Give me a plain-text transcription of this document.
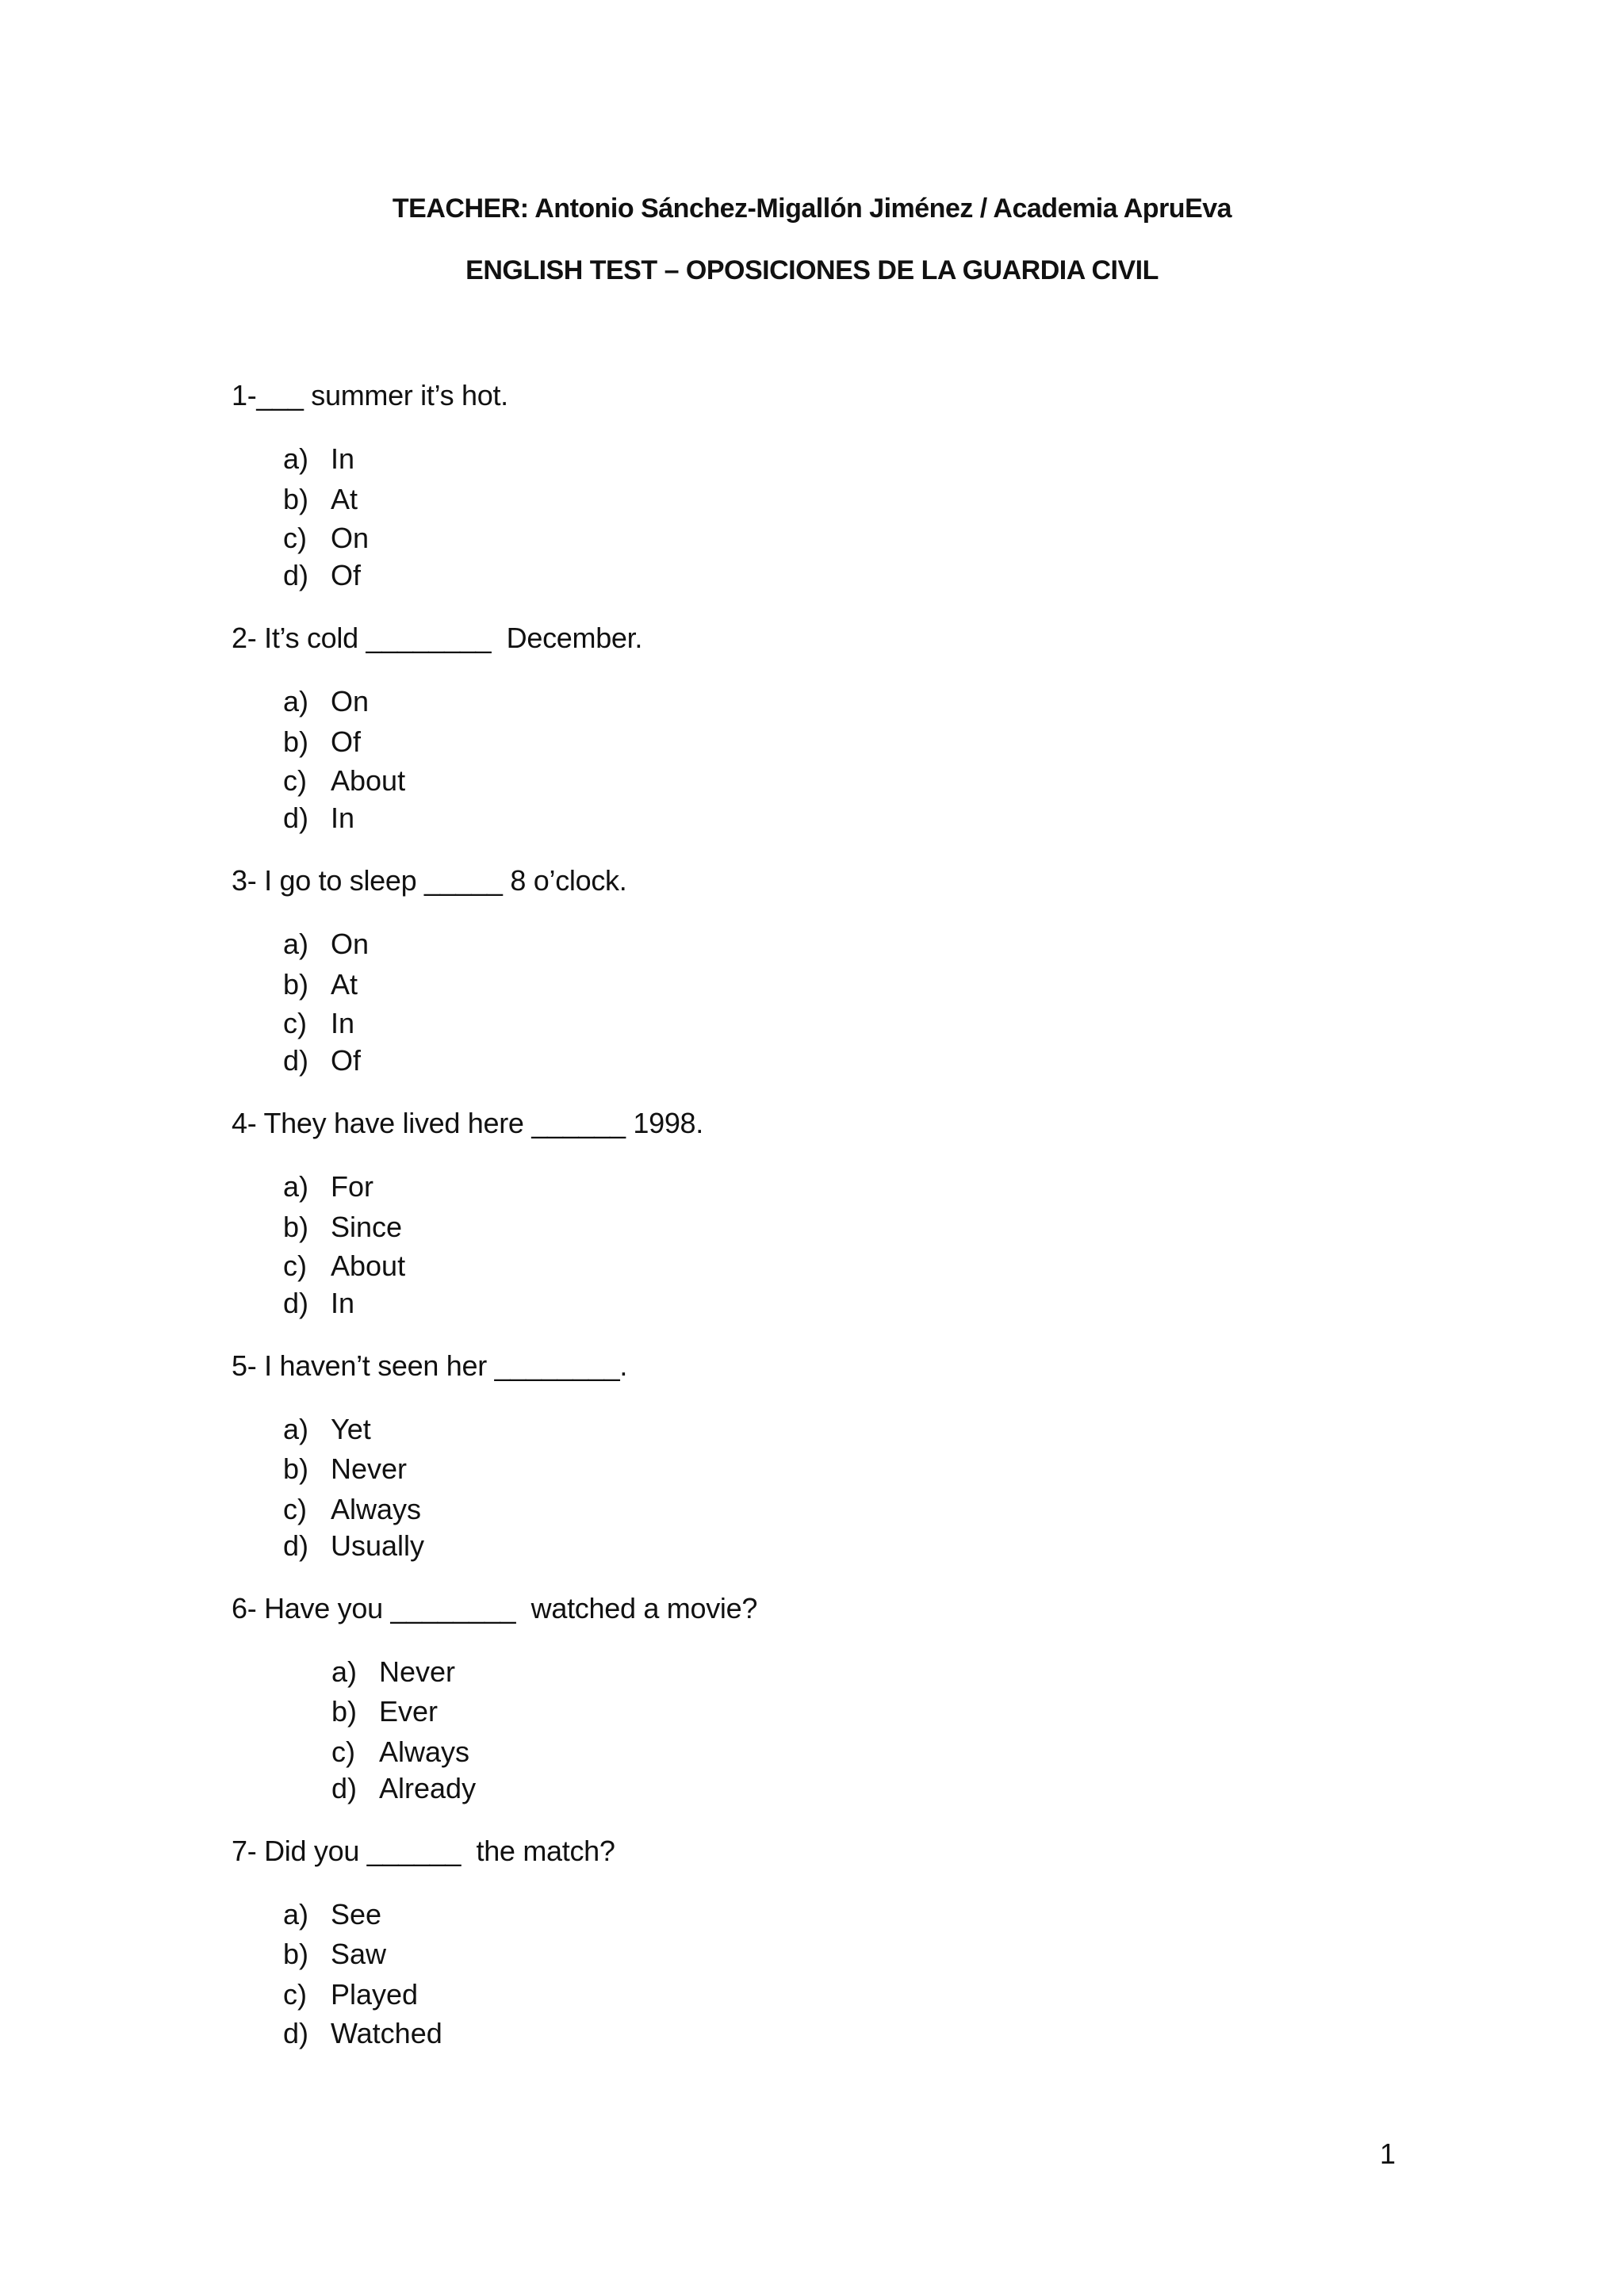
TEACHER: Antonio Sánchez-Migallón Jiménez / Academia ApruEva
ENGLISH TEST – OPOSICIONES DE LA GUARDIA CIVIL
1-___ summer it’s hot.
a) In
b) At
c) On
d) Of
2- It’s cold ________  December.
a) On
b) Of
c) About
d) In
3- I go to sleep _____ 8 o’clock.
a) On
b) At
c) In
d) Of
4- They have lived here ______ 1998.
a) For
b) Since
c) About
d) In
5- I haven’t seen her ________.
a) Yet
b) Never
c) Always
d) Usually
6- Have you ________  watched a movie?
a) Never
b) Ever
c) Always
d) Already
7- Did you ______  the match?
a) See
b) Saw
c) Played
d) Watched
1
